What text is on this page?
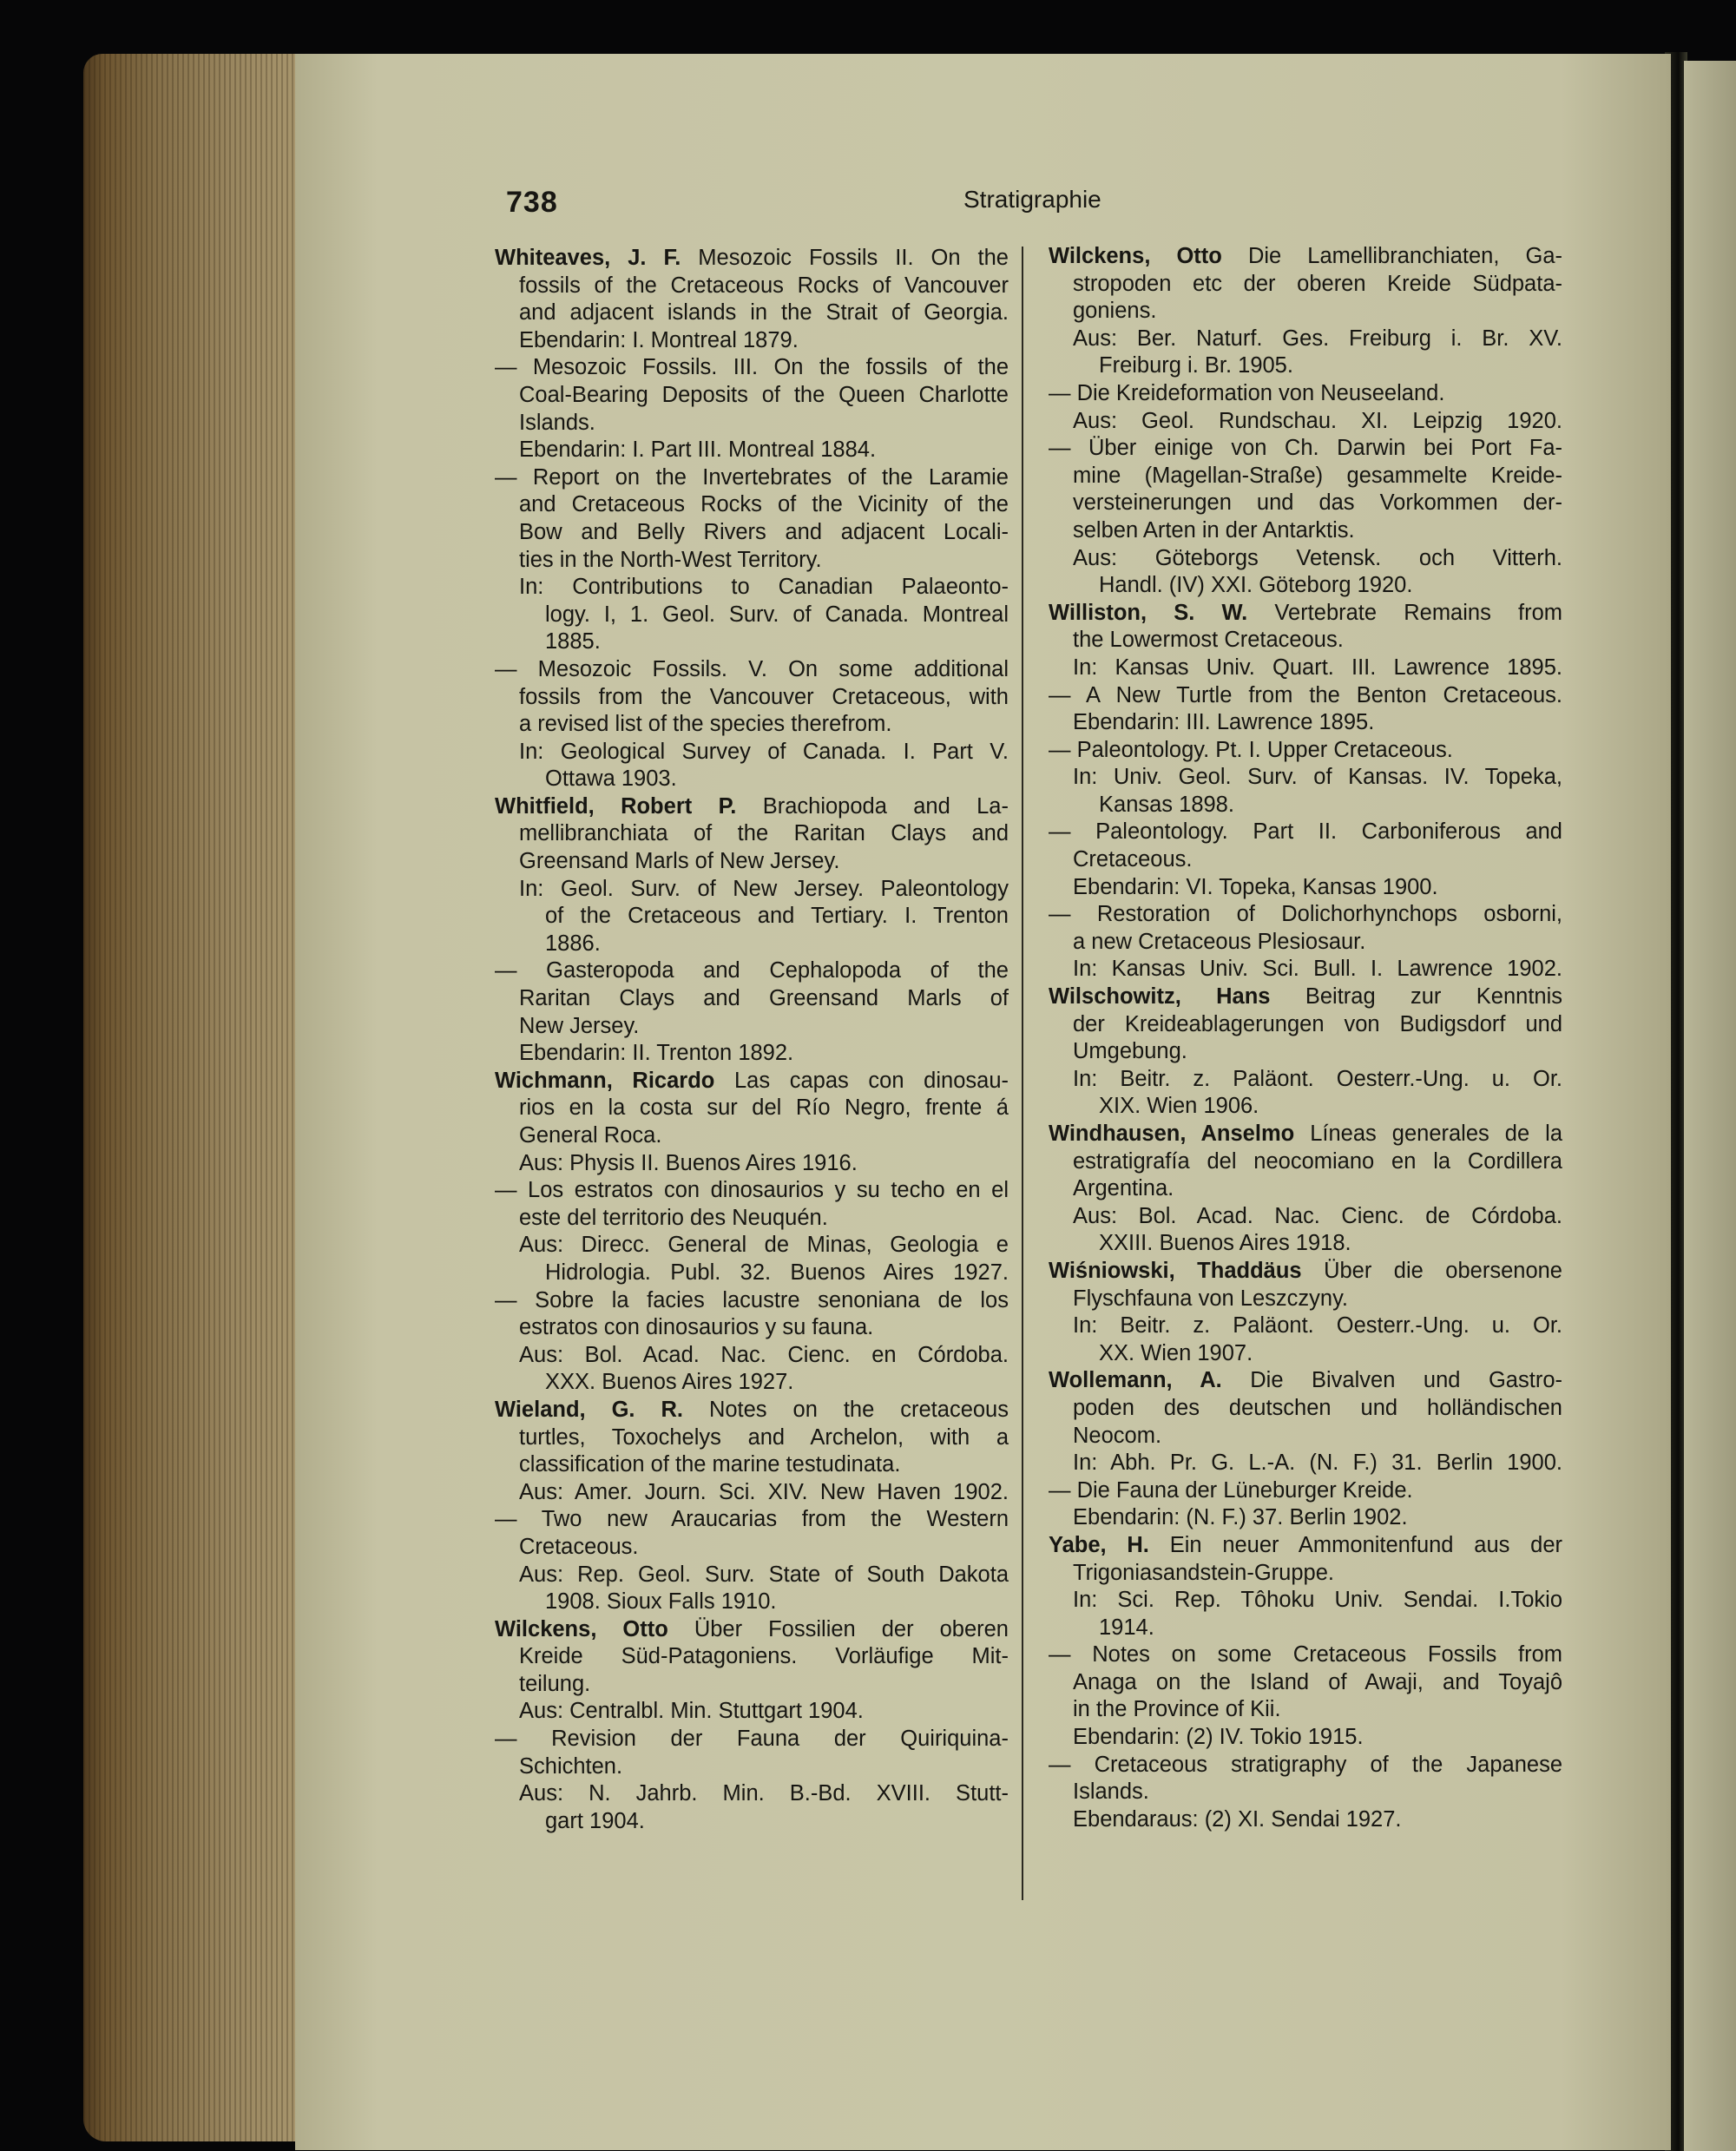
738	Stratigraphie
Whiteaves, J. F. Mesozoic Fossils II. On the
fossils of the Cretaceous Rocks of Vancouver
and adjacent islands in the Strait of Georgia.
Ebendarin: I. Montreal 1879.
— Mesozoic Fossils. III. On the fossils of the
Coal-Bearing Deposits of the Queen Charlotte
Islands.
Ebendarin: I. Part III. Montreal 1884.
— Report on the Invertebrates of the Laramie
and Cretaceous Rocks of the Vicinity of the
Bow and Belly Rivers and adjacent Locali-
ties in the North-West Territory.
In: Contributions to Canadian Palaeonto-
logy. I, 1. Geol. Surv. of Canada. Montreal
1885.
— Mesozoic Fossils. V. On some additional
fossils from the Vancouver Cretaceous, with
a revised list of the species therefrom.
In: Geological Survey of Canada. I. Part V.
Ottawa 1903.
Whitfield, Robert P. Brachiopoda and La-
mellibranchiata of the Raritan Clays and
Greensand Marls of New Jersey.
In: Geol. Surv. of New Jersey. Paleontology
of the Cretaceous and Tertiary. I. Trenton
1886.
— Gasteropoda and Cephalopoda of the
Raritan Clays and Greensand Marls of
New Jersey.
Ebendarin: II. Trenton 1892.
Wichmann, Ricardo Las capas con dinosau-
rios en la costa sur del Río Negro, frente á
General Roca.
Aus: Physis II. Buenos Aires 1916.
— Los estratos con dinosaurios y su techo en el
este del territorio des Neuquén.
Aus: Direcc. General de Minas, Geologia e
Hidrologia. Publ. 32. Buenos Aires 1927.
— Sobre la facies lacustre senoniana de los
estratos con dinosaurios y su fauna.
Aus: Bol. Acad. Nac. Cienc. en Córdoba.
XXX. Buenos Aires 1927.
Wieland, G. R. Notes on the cretaceous
turtles, Toxochelys and Archelon, with a
classification of the marine testudinata.
Aus: Amer. Journ. Sci. XIV. New Haven 1902.
— Two new Araucarias from the Western
Cretaceous.
Aus: Rep. Geol. Surv. State of South Dakota
1908. Sioux Falls 1910.
Wilckens, Otto Über Fossilien der oberen
Kreide Süd-Patagoniens. Vorläufige Mit-
teilung.
Aus: Centralbl. Min. Stuttgart 1904.
— Revision der Fauna der Quiriquina-
Schichten.
Aus: N. Jahrb. Min. B.-Bd. XVIII. Stutt-
gart 1904.
Wilckens, Otto Die Lamellibranchiaten, Ga-
stropoden etc der oberen Kreide Südpata-
goniens.
Aus: Ber. Naturf. Ges. Freiburg i. Br. XV.
Freiburg i. Br. 1905.
— Die Kreideformation von Neuseeland.
Aus: Geol. Rundschau. XI. Leipzig 1920.
— Über einige von Ch. Darwin bei Port Fa-
mine (Magellan-Straße) gesammelte Kreide-
versteinerungen und das Vorkommen der-
selben Arten in der Antarktis.
Aus: Göteborgs Vetensk. och Vitterh.
Handl. (IV) XXI. Göteborg 1920.
Williston, S. W. Vertebrate Remains from
the Lowermost Cretaceous.
In: Kansas Univ. Quart. III. Lawrence 1895.
— A New Turtle from the Benton Cretaceous.
Ebendarin: III. Lawrence 1895.
— Paleontology. Pt. I. Upper Cretaceous.
In: Univ. Geol. Surv. of Kansas. IV. Topeka,
Kansas 1898.
— Paleontology. Part II. Carboniferous and
Cretaceous.
Ebendarin: VI. Topeka, Kansas 1900.
— Restoration of Dolichorhynchops osborni,
a new Cretaceous Plesiosaur.
In: Kansas Univ. Sci. Bull. I. Lawrence 1902.
Wilschowitz, Hans Beitrag zur Kenntnis
der Kreideablagerungen von Budigsdorf und
Umgebung.
In: Beitr. z. Paläont. Oesterr.-Ung. u. Or.
XIX. Wien 1906.
Windhausen, Anselmo Líneas generales de la
estratigrafía del neocomiano en la Cordillera
Argentina.
Aus: Bol. Acad. Nac. Cienc. de Córdoba.
XXIII. Buenos Aires 1918.
Wiśniowski, Thaddäus Über die obersenone
Flyschfauna von Leszczyny.
In: Beitr. z. Paläont. Oesterr.-Ung. u. Or.
XX. Wien 1907.
Wollemann, A. Die Bivalven und Gastro-
poden des deutschen und holländischen
Neocom.
In: Abh. Pr. G. L.-A. (N. F.) 31. Berlin 1900.
— Die Fauna der Lüneburger Kreide.
Ebendarin: (N. F.) 37. Berlin 1902.
Yabe, H. Ein neuer Ammonitenfund aus der
Trigoniasandstein-Gruppe.
In: Sci. Rep. Tôhoku Univ. Sendai. I.Tokio
1914.
— Notes on some Cretaceous Fossils from
Anaga on the Island of Awaji, and Toyajô
in the Province of Kii.
Ebendarin: (2) IV. Tokio 1915.
— Cretaceous stratigraphy of the Japanese
Islands.
Ebendaraus: (2) XI. Sendai 1927.
